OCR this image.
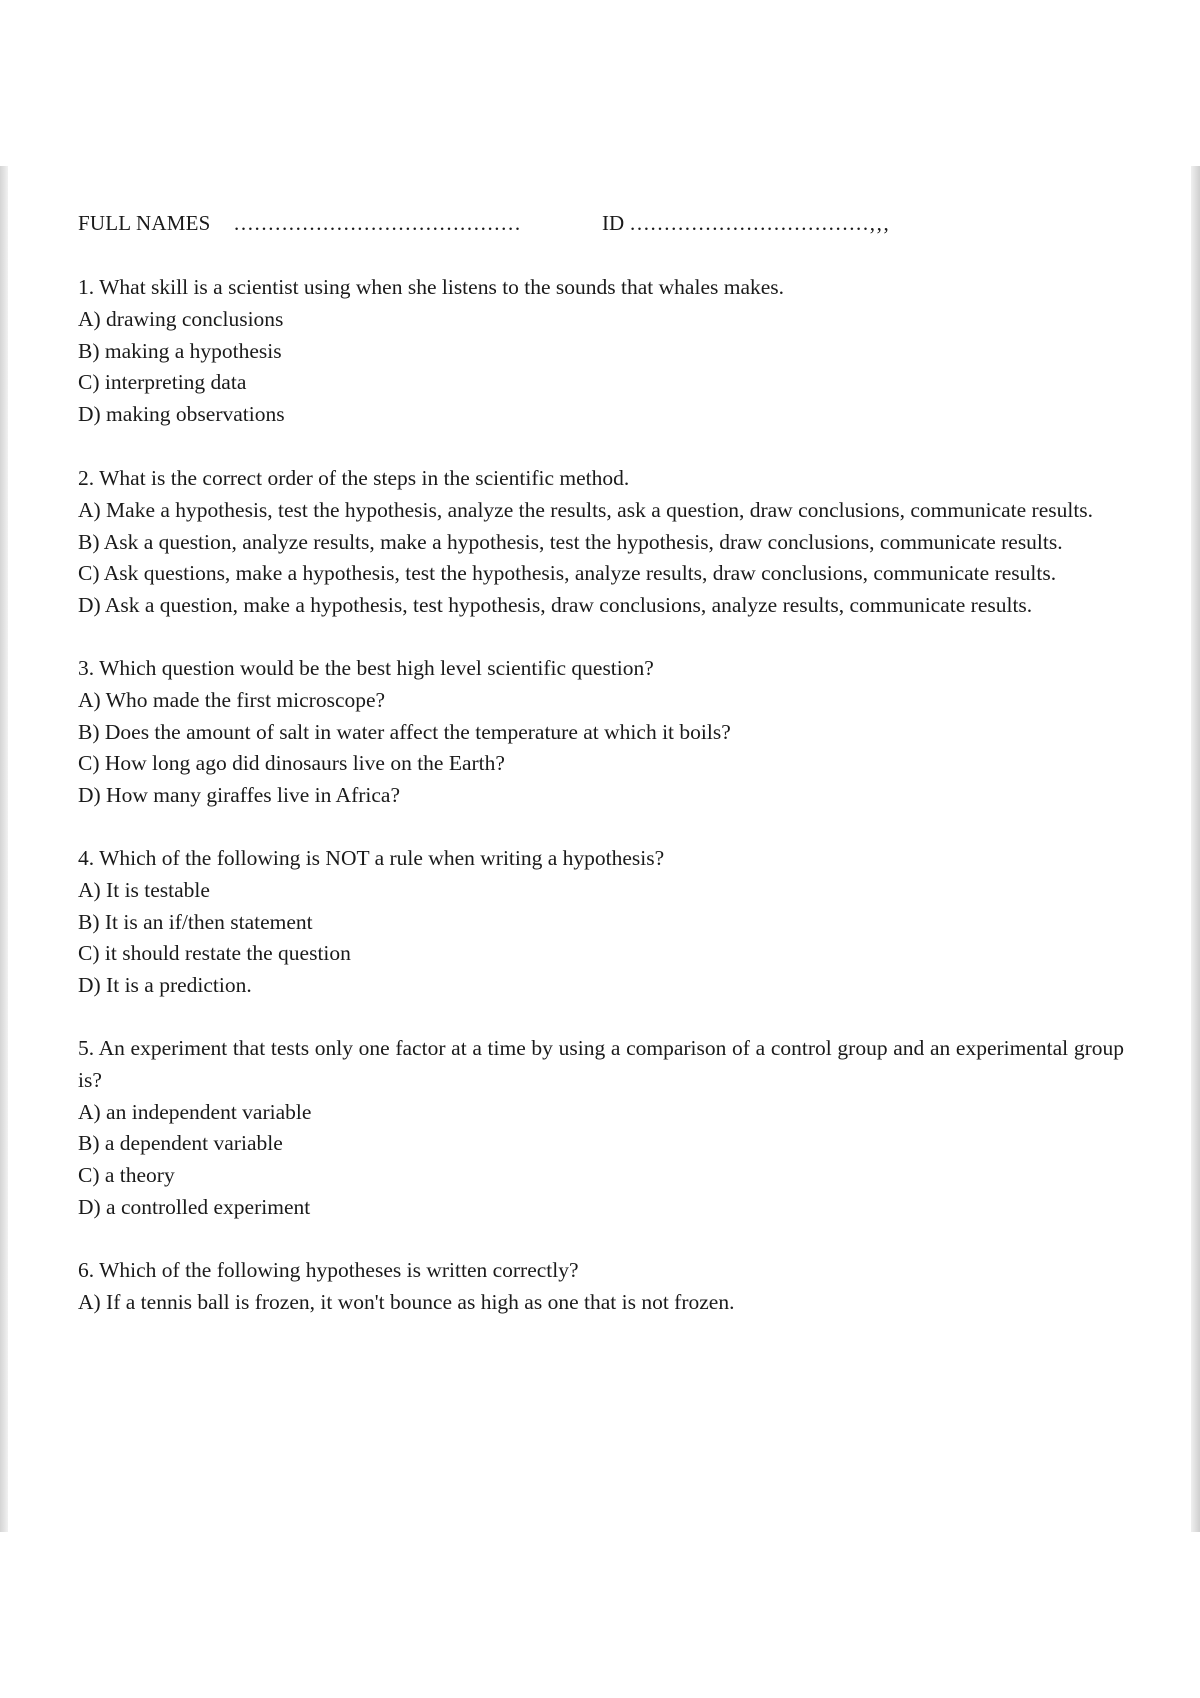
FULL NAMES ..........................................	ID ...................................,,,

1. What skill is a scientist using when she listens to the sounds that whales makes.

A) drawing conclusions

B) making a hypothesis

C) interpreting data

D) making observations

2. What is the correct order of the steps in the scientific method.

A) Make a hypothesis, test the hypothesis, analyze the results, ask a question, draw conclusions, communicate results.

B) Ask a question, analyze results, make a hypothesis, test the hypothesis, draw conclusions, communicate results.

C) Ask questions, make a hypothesis, test the hypothesis, analyze results, draw conclusions, communicate results.

D) Ask a question, make a hypothesis, test hypothesis, draw conclusions, analyze results, communicate results.

3. Which question would be the best high level scientific question?

A) Who made the first microscope?

B) Does the amount of salt in water affect the temperature at which it boils?

C) How long ago did dinosaurs live on the Earth?

D) How many giraffes live in Africa?

4. Which of the following is NOT a rule when writing a hypothesis?

A) It is testable

B) It is an if/then statement

C) it should restate the question

D) It is a prediction.

5. An experiment that tests only one factor at a time by using a comparison of a control group and an experimental group is?

A) an independent variable

B) a dependent variable

C) a theory

D) a controlled experiment

6. Which of the following hypotheses is written correctly?

A) If a tennis ball is frozen, it won't bounce as high as one that is not frozen.
